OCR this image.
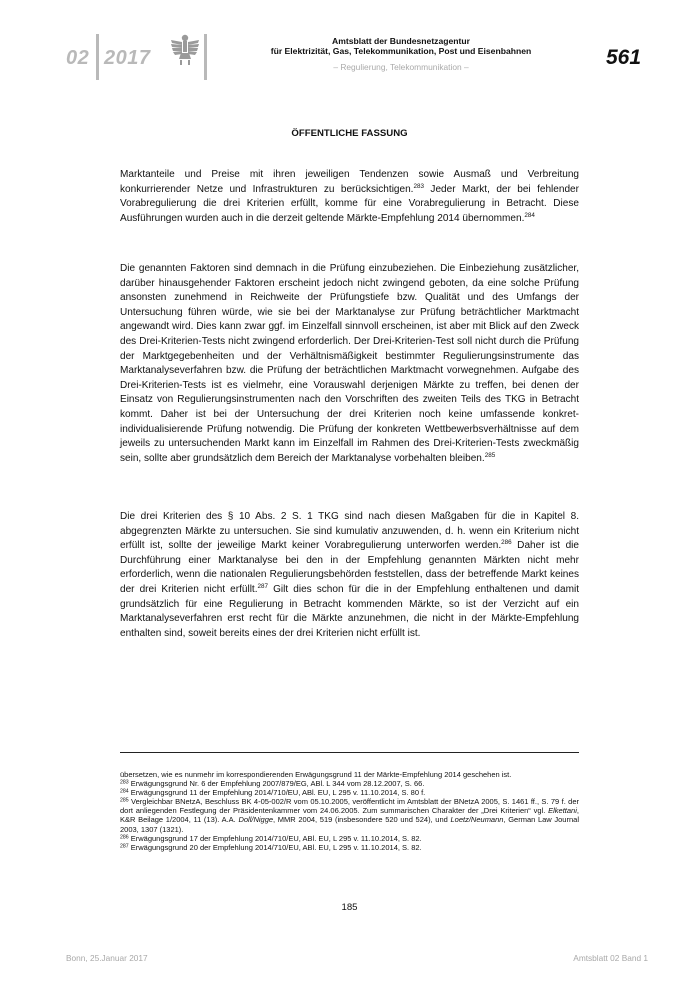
02 2017
Amtsblatt der Bundesnetzagentur
für Elektrizität, Gas, Telekommunikation, Post und Eisenbahnen
– Regulierung, Telekommunikation –	561
ÖFFENTLICHE FASSUNG
Marktanteile und Preise mit ihren jeweiligen Tendenzen sowie Ausmaß und Verbreitung konkurrierender Netze und Infrastrukturen zu berücksichtigen.$^{283}$ Jeder Markt, der bei fehlender Vorabregulierung die drei Kriterien erfüllt, komme für eine Vorabregulierung in Betracht. Diese Ausführungen wurden auch in die derzeit geltende Märkte-Empfehlung 2014 übernommen.$^{284}$
Die genannten Faktoren sind demnach in die Prüfung einzubeziehen. Die Einbeziehung zusätzlicher, darüber hinausgehender Faktoren erscheint jedoch nicht zwingend geboten, da eine solche Prüfung ansonsten zunehmend in Reichweite der Prüfungstiefe bzw. Qualität und des Umfangs der Untersuchung führen würde, wie sie bei der Marktanalyse zur Prüfung beträchtlicher Marktmacht angewandt wird. Dies kann zwar ggf. im Einzelfall sinnvoll erscheinen, ist aber mit Blick auf den Zweck des Drei-Kriterien-Tests nicht zwingend erforderlich. Der Drei-Kriterien-Test soll nicht durch die Prüfung der Marktgegebenheiten und der Verhältnismäßigkeit bestimmter Regulierungsinstrumente das Marktanalyseverfahren bzw. die Prüfung der beträchtlichen Marktmacht vorwegnehmen. Aufgabe des Drei-Kriterien-Tests ist es vielmehr, eine Vorauswahl derjenigen Märkte zu treffen, bei denen der Einsatz von Regulierungsinstrumenten nach den Vorschriften des zweiten Teils des TKG in Betracht kommt. Daher ist bei der Untersuchung der drei Kriterien noch keine umfassende konkret-individualisierende Prüfung notwendig. Die Prüfung der konkreten Wettbewerbsverhältnisse auf dem jeweils zu untersuchenden Markt kann im Einzelfall im Rahmen des Drei-Kriterien-Tests zweckmäßig sein, sollte aber grundsätzlich dem Bereich der Marktanalyse vorbehalten bleiben.$^{285}$
Die drei Kriterien des § 10 Abs. 2 S. 1 TKG sind nach diesen Maßgaben für die in Kapitel 8. abgegrenzten Märkte zu untersuchen. Sie sind kumulativ anzuwenden, d. h. wenn ein Kriterium nicht erfüllt ist, sollte der jeweilige Markt keiner Vorabregulierung unterworfen werden.$^{286}$ Daher ist die Durchführung einer Marktanalyse bei den in der Empfehlung genannten Märkten nicht mehr erforderlich, wenn die nationalen Regulierungsbehörden feststellen, dass der betreffende Markt keines der drei Kriterien nicht erfüllt.$^{287}$ Gilt dies schon für die in der Empfehlung enthaltenen und damit grundsätzlich für eine Regulierung in Betracht kommenden Märkte, so ist der Verzicht auf ein Marktanalyseverfahren erst recht für die Märkte anzunehmen, die nicht in der Märkte-Empfehlung enthalten sind, soweit bereits eines der drei Kriterien nicht erfüllt ist.
übersetzen, wie es nunmehr im korrespondierenden Erwägungsgrund 11 der Märkte-Empfehlung 2014 geschehen ist.
$^{283}$ Erwägungsgrund Nr. 6 der Empfehlung 2007/879/EG, ABl. L 344 vom 28.12.2007, S. 66.
$^{284}$ Erwägungsgrund 11 der Empfehlung 2014/710/EU, ABl. EU, L 295 v. 11.10.2014, S. 80 f.
$^{285}$ Vergleichbar BNetzA, Beschluss BK 4-05-002/R vom 05.10.2005, veröffentlicht im Amtsblatt der BNetzA 2005, S. 1461 ff., S. 79 f. der dort anliegenden Festlegung der Präsidentenkammer vom 24.06.2005. Zum summarischen Charakter der „Drei Kriterien“ vgl. Elkettani, K&R Beilage 1/2004, 11 (13). A.A. Doll/Nigge, MMR 2004, 519 (insbesondere 520 und 524), und Loetz/Neumann, German Law Journal 2003, 1307 (1321).
$^{286}$ Erwägungsgrund 17 der Empfehlung 2014/710/EU, ABl. EU, L 295 v. 11.10.2014, S. 82.
$^{287}$ Erwägungsgrund 20 der Empfehlung 2014/710/EU, ABl. EU, L 295 v. 11.10.2014, S. 82.
185
Bonn, 25.Januar 2017	Amtsblatt 02 Band 1
